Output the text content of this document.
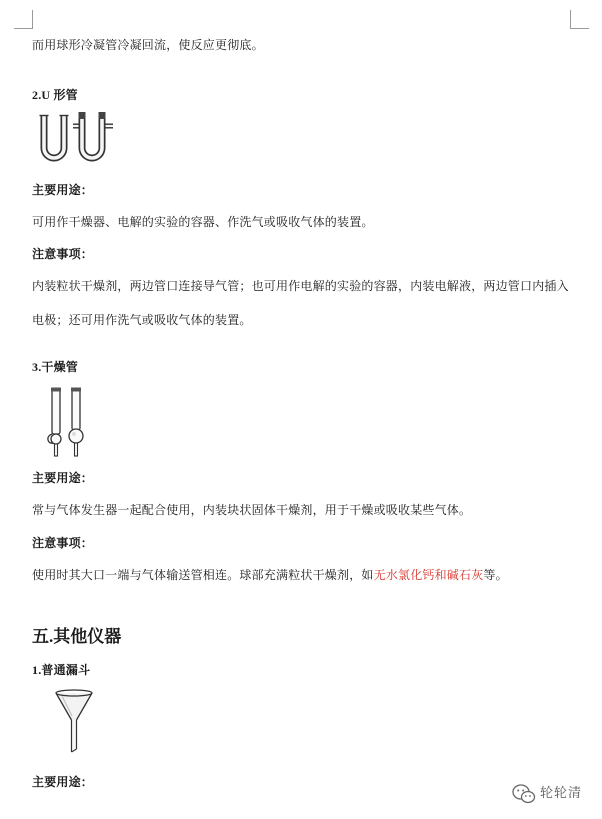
而用球形冷凝管冷凝回流，使反应更彻底。
2.U 形管
主要用途：
可用作干燥器、电解的实验的容器、作洗气或吸收气体的装置。
注意事项：
内装粒状干燥剂，两边管口连接导气管；也可用作电解的实验的容器，内装电解液，两边管口内插入
电极；还可用作洗气或吸收气体的装置。
3.干燥管
主要用途：
常与气体发生器一起配合使用，内装块状固体干燥剂，用于干燥或吸收某些气体。
注意事项：
使用时其大口一端与气体输送管相连。球部充满粒状干燥剂，如无水氯化钙和碱石灰等。
五.其他仪器
1.普通漏斗
主要用途：
轮轮清
